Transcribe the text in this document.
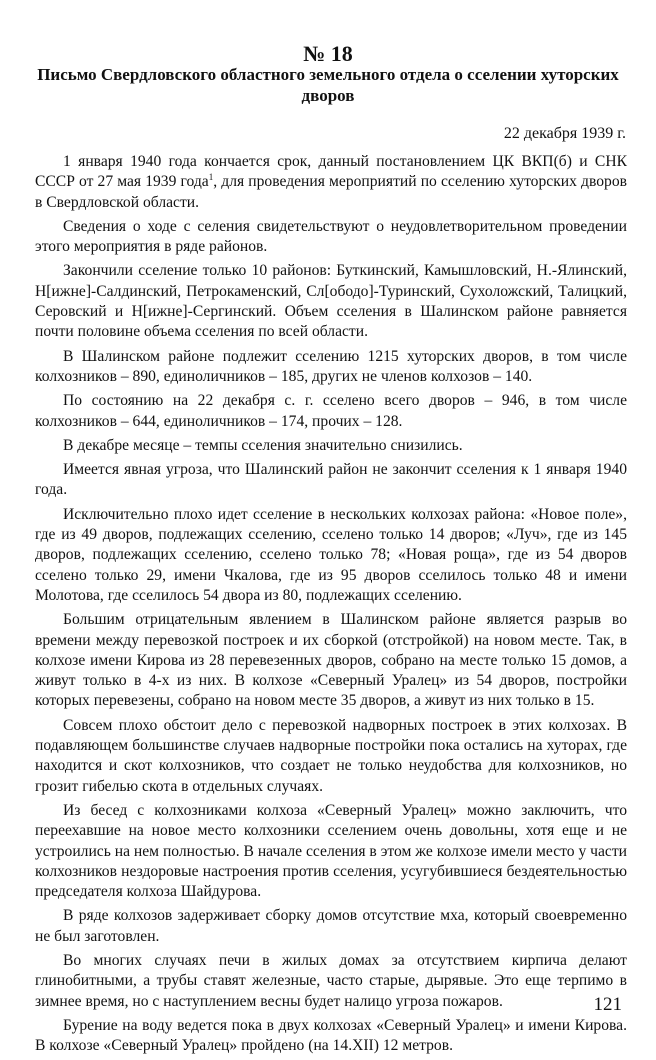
№ 18
Письмо Свердловского областного земельного отдела о сселении хуторских дворов
22 декабря 1939 г.

1 января 1940 года кончается срок, данный постановлением ЦК ВКП(б) и СНК СССР от 27 мая 1939 года$^1$, для проведения мероприятий по сселению хуторских дворов в Свердловской области.

Сведения о ходе с селения свидетельствуют о неудовлетворительном проведении этого мероприятия в ряде районов.

Закончили сселение только 10 районов: Буткинский, Камышловский, Н.-Ялинский, Н[ижне]-Салдинский, Петрокаменский, Сл[ободо]-Туринский, Сухоложский, Талицкий, Серовский и Н[ижне]-Сергинский. Объем сселения в Шалинском районе равняется почти половине объема сселения по всей области.

В Шалинском районе подлежит сселению 1215 хуторских дворов, в том числе колхозников – 890, единоличников – 185, других не членов колхозов – 140.

По состоянию на 22 декабря с. г. сселено всего дворов – 946, в том числе колхозников – 644, единоличников – 174, прочих – 128.

В декабре месяце – темпы сселения значительно снизились.

Имеется явная угроза, что Шалинский район не закончит сселения к 1 января 1940 года.

Исключительно плохо идет сселение в нескольких колхозах района: «Новое поле», где из 49 дворов, подлежащих сселению, сселено только 14 дворов; «Луч», где из 145 дворов, подлежащих сселению, сселено только 78; «Новая роща», где из 54 дворов сселено только 29, имени Чкалова, где из 95 дворов сселилось только 48 и имени Молотова, где сселилось 54 двора из 80, подлежащих сселению.

Большим отрицательным явлением в Шалинском районе является разрыв во времени между перевозкой построек и их сборкой (отстройкой) на новом месте. Так, в колхозе имени Кирова из 28 перевезенных дворов, собрано на месте только 15 домов, а живут только в 4-х из них. В колхозе «Северный Уралец» из 54 дворов, постройки которых перевезены, собрано на новом месте 35 дворов, а живут из них только в 15.

Совсем плохо обстоит дело с перевозкой надворных построек в этих колхозах. В подавляющем большинстве случаев надворные постройки пока остались на хуторах, где находится и скот колхозников, что создает не только неудобства для колхозников, но грозит гибелью скота в отдельных случаях.

Из бесед с колхозниками колхоза «Северный Уралец» можно заключить, что переехавшие на новое место колхозники сселением очень довольны, хотя еще и не устроились на нем полностью. В начале сселения в этом же колхозе имели место у части колхозников нездоровые настроения против сселения, усугубившиеся бездеятельностью председателя колхоза Шайдурова.

В ряде колхозов задерживает сборку домов отсутствие мха, который своевременно не был заготовлен.

Во многих случаях печи в жилых домах за отсутствием кирпича делают глинобитными, а трубы ставят железные, часто старые, дырявые. Это еще терпимо в зимнее время, но с наступлением весны будет налицо угроза пожаров.

Бурение на воду ведется пока в двух колхозах «Северный Уралец» и имени Кирова. В колхозе «Северный Уралец» пройдено (на 14.XII) 12 метров.

121
